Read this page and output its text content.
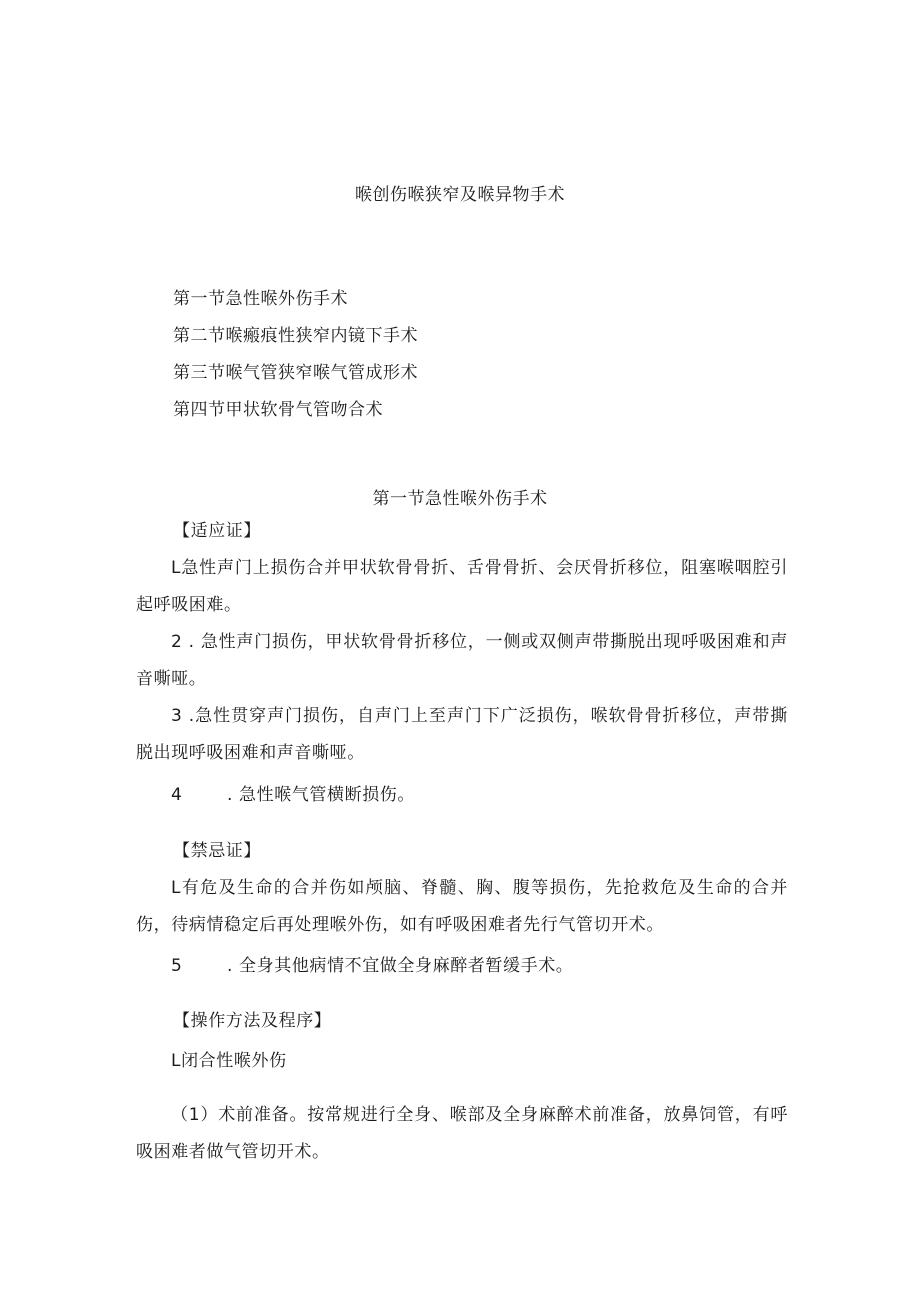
喉创伤喉狭窄及喉异物手术
第一节急性喉外伤手术
第二节喉瘢痕性狭窄内镜下手术
第三节喉气管狭窄喉气管成形术
第四节甲状软骨气管吻合术
第一节急性喉外伤手术
【适应证】
L急性声门上损伤合并甲状软骨骨折、舌骨骨折、会厌骨折移位，阻塞喉咽腔引起呼吸困难。
2 . 急性声门损伤，甲状软骨骨折移位，一侧或双侧声带撕脱出现呼吸困难和声音嘶哑。
3 .急性贯穿声门损伤，自声门上至声门下广泛损伤，喉软骨骨折移位，声带撕脱出现呼吸困难和声音嘶哑。
4	. 急性喉气管横断损伤。
【禁忌证】
L有危及生命的合并伤如颅脑、脊髓、胸、腹等损伤，先抢救危及生命的合并伤，待病情稳定后再处理喉外伤，如有呼吸困难者先行气管切开术。
5	. 全身其他病情不宜做全身麻醉者暂缓手术。
【操作方法及程序】
L闭合性喉外伤
（1）术前准备。按常规进行全身、喉部及全身麻醉术前准备，放鼻饲管，有呼吸困难者做气管切开术。
